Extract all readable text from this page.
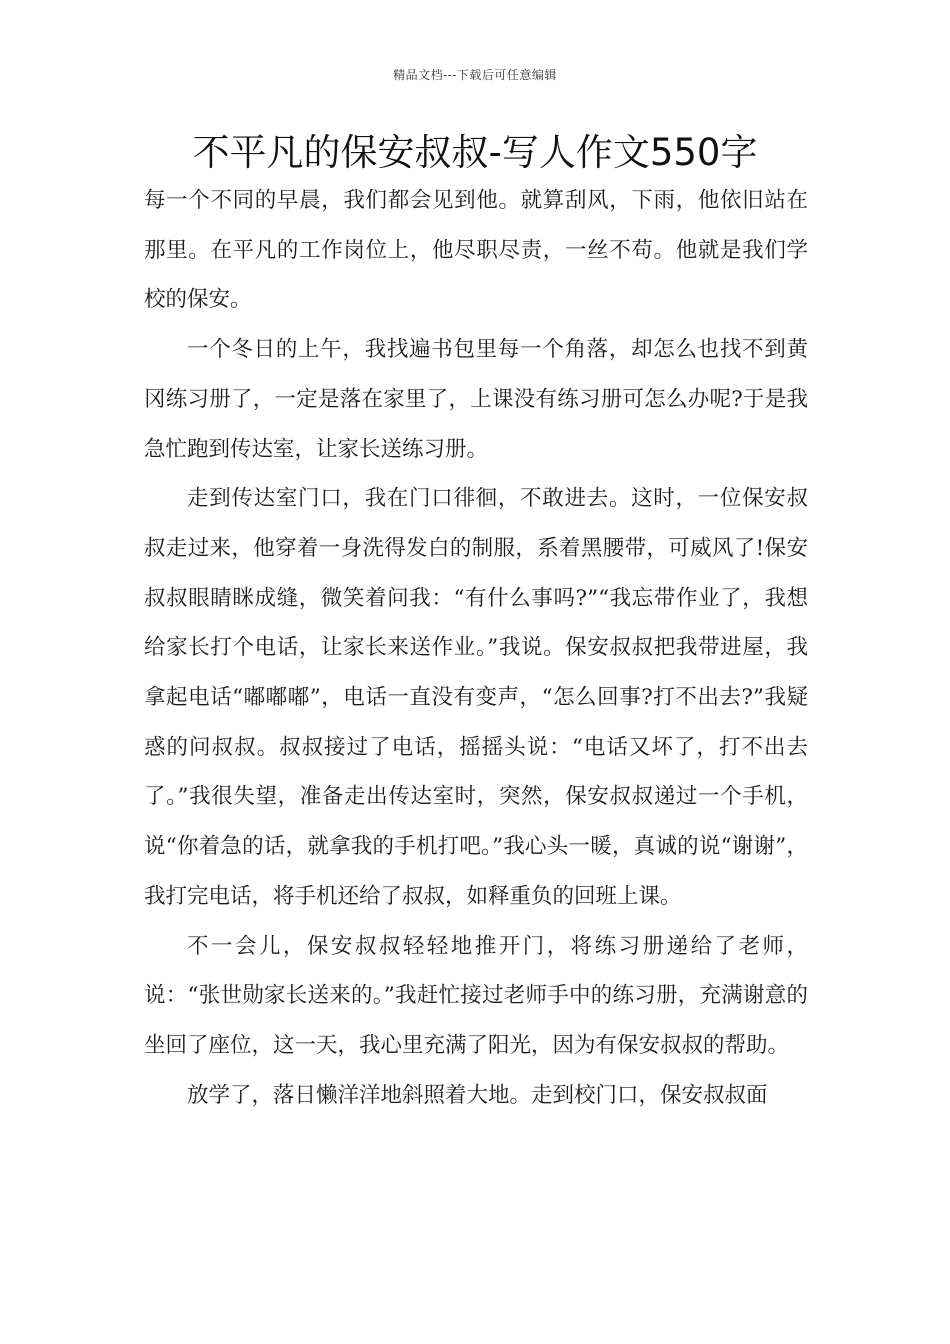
精品文档---下载后可任意编辑
不平凡的保安叔叔-写人作文550字

每一个不同的早晨，我们都会见到他。就算刮风，下雨，他依旧站在那里。在平凡的工作岗位上，他尽职尽责，一丝不苟。他就是我们学校的保安。

一个冬日的上午，我找遍书包里每一个角落，却怎么也找不到黄冈练习册了，一定是落在家里了，上课没有练习册可怎么办呢?于是我急忙跑到传达室，让家长送练习册。

走到传达室门口，我在门口徘徊，不敢进去。这时，一位保安叔叔走过来，他穿着一身洗得发白的制服，系着黑腰带，可威风了!保安叔叔眼睛眯成缝，微笑着问我：“有什么事吗?”“我忘带作业了，我想给家长打个电话，让家长来送作业。”我说。保安叔叔把我带进屋，我拿起电话“嘟嘟嘟”，电话一直没有变声，“怎么回事?打不出去?”我疑惑的问叔叔。叔叔接过了电话，摇摇头说：“电话又坏了，打不出去了。”我很失望，准备走出传达室时，突然，保安叔叔递过一个手机，说“你着急的话，就拿我的手机打吧。”我心头一暖，真诚的说“谢谢”，我打完电话，将手机还给了叔叔，如释重负的回班上课。

不一会儿，保安叔叔轻轻地推开门，将练习册递给了老师，说：“张世勋家长送来的。”我赶忙接过老师手中的练习册，充满谢意的坐回了座位，这一天，我心里充满了阳光，因为有保安叔叔的帮助。

放学了，落日懒洋洋地斜照着大地。走到校门口，保安叔叔面
